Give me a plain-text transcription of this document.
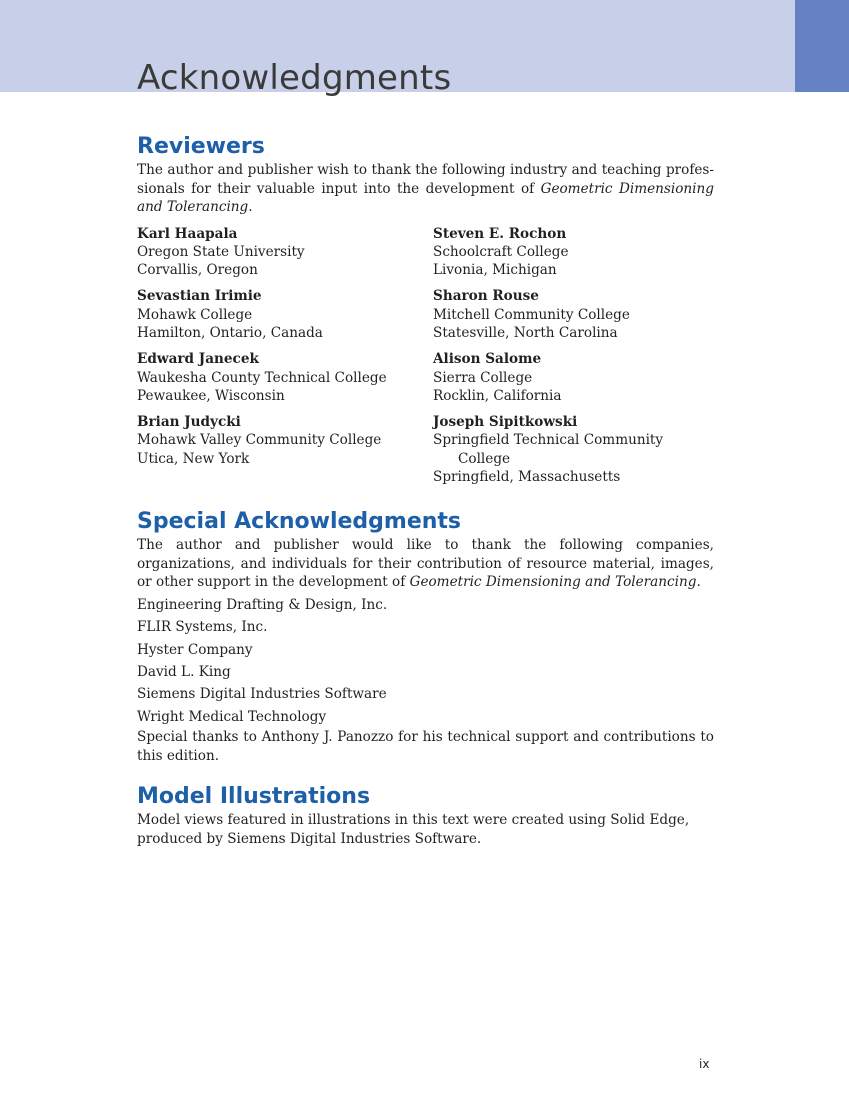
Acknowledgments
Reviewers

The author and publisher wish to thank the following industry and teaching professionals for their valuable input into the development of Geometric Dimensioning and Tolerancing.

Karl Haapala
Oregon State University
Corvallis, Oregon
Sevastian Irimie
Mohawk College
Hamilton, Ontario, Canada
Edward Janecek
Waukesha County Technical College
Pewaukee, Wisconsin
Brian Judycki
Mohawk Valley Community College
Utica, New York
Steven E. Rochon
Schoolcraft College
Livonia, Michigan
Sharon Rouse
Mitchell Community College
Statesville, North Carolina
Alison Salome
Sierra College
Rocklin, California
Joseph Sipitkowski
Springfield Technical Community
College
Springfield, Massachusetts
Special Acknowledgments

The author and publisher would like to thank the following companies, organizations, and individuals for their contribution of resource material, images, or other support in the development of Geometric Dimensioning and Tolerancing.

Engineering Drafting & Design, Inc.
FLIR Systems, Inc.
Hyster Company
David L. King
Siemens Digital Industries Software
Wright Medical Technology

Special thanks to Anthony J. Panozzo for his technical support and contributions to this edition.

Model Illustrations

Model views featured in illustrations in this text were created using Solid Edge,
produced by Siemens Digital Industries Software.

ix
